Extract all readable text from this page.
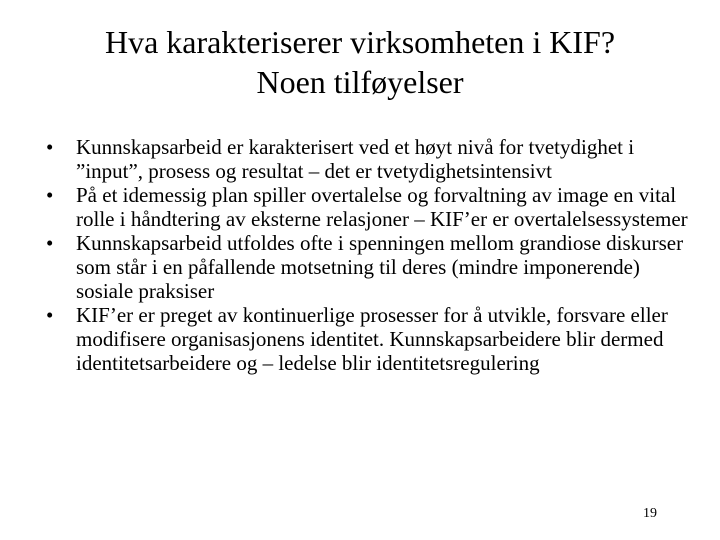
Hva karakteriserer virksomheten i KIF?
Noen tilføyelser
•	Kunnskapsarbeid er karakterisert ved et høyt nivå for tvetydighet i ”input”, prosess og resultat – det er tvetydighetsintensivt
•	På et idemessig plan spiller overtalelse og forvaltning av image en vital rolle i håndtering av eksterne relasjoner – KIF’er er overtalelsessystemer
•	Kunnskapsarbeid utfoldes ofte i spenningen mellom grandiose diskurser som står i en påfallende motsetning til deres (mindre imponerende) sosiale praksiser
•	KIF’er er preget av kontinuerlige prosesser for å utvikle, forsvare eller modifisere organisasjonens identitet. Kunnskapsarbeidere blir dermed identitetsarbeidere og – ledelse blir identitetsregulering
19
